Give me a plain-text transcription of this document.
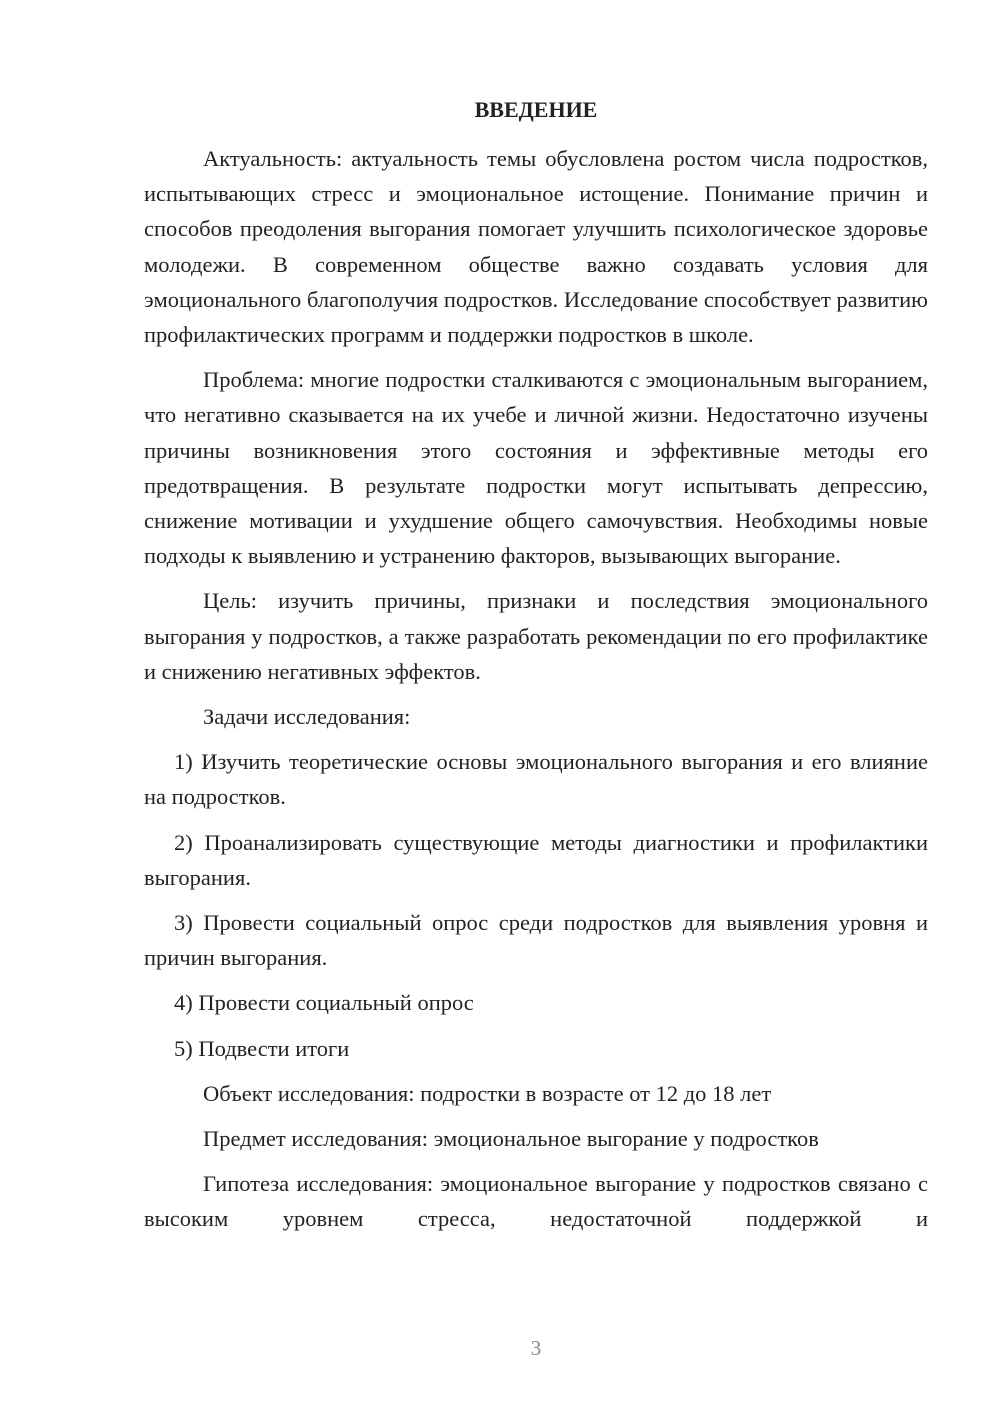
ВВЕДЕНИЕ

Актуальность: актуальность темы обусловлена ростом числа подростков, испытывающих стресс и эмоциональное истощение. Понимание причин и способов преодоления выгорания помогает улучшить психологическое здоровье молодежи. В современном обществе важно создавать условия для эмоционального благополучия подростков. Исследование способствует развитию профилактических программ и поддержки подростков в школе.

Проблема: многие подростки сталкиваются с эмоциональным выгоранием, что негативно сказывается на их учебе и личной жизни. Недостаточно изучены причины возникновения этого состояния и эффективные методы его предотвращения. В результате подростки могут испытывать депрессию, снижение мотивации и ухудшение общего самочувствия. Необходимы новые подходы к выявлению и устранению факторов, вызывающих выгорание.

Цель: изучить причины, признаки и последствия эмоционального выгорания у подростков, а также разработать рекомендации по его профилактике и снижению негативных эффектов.

Задачи исследования:

1) Изучить теоретические основы эмоционального выгорания и его влияние на подростков.

2) Проанализировать существующие методы диагностики и профилактики выгорания.

3) Провести социальный опрос среди подростков для выявления уровня и причин выгорания.

4) Провести социальный опрос

5) Подвести итоги

Объект исследования: подростки в возрасте от 12 до 18 лет

Предмет исследования: эмоциональное выгорание у подростков

Гипотеза исследования: эмоциональное выгорание у подростков связано с высоким уровнем стресса, недостаточной поддержкой и

3
